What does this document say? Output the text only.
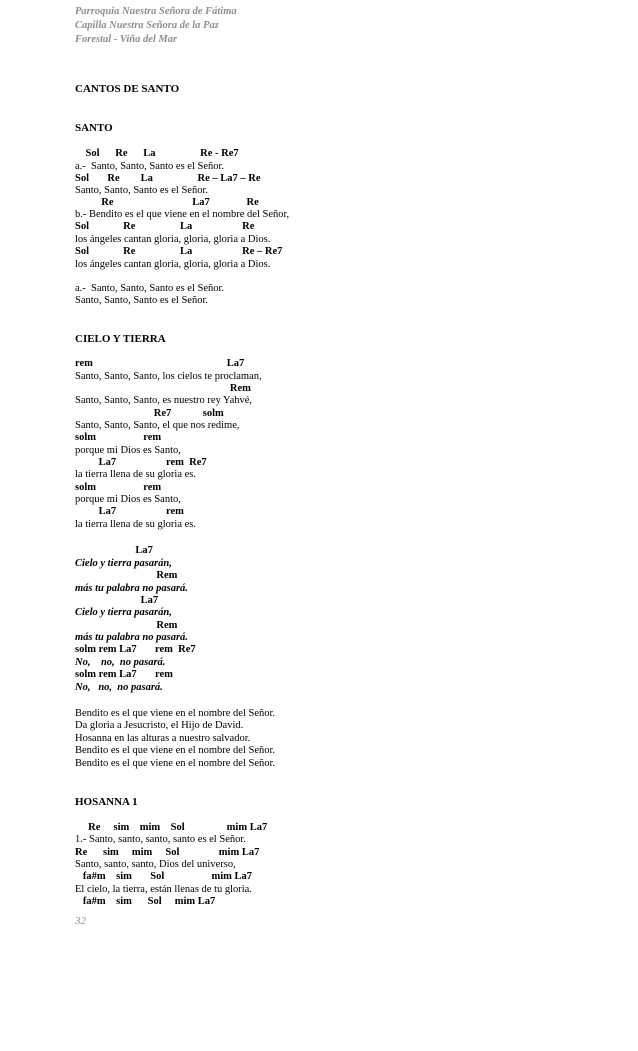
Parroquia Nuestra Señora de Fátima
Capilla Nuestra Señora de la Paz
Forestal - Viña del Mar
CANTOS DE SANTO
SANTO
Sol      Re      La                 Re - Re7
a.-  Santo, Santo, Santo es el Señor.
Sol       Re        La                 Re – La7 – Re
Santo, Santo, Santo es el Señor.
Re                              La7              Re
b.- Bendito es el que viene en el nombre del Señor,
Sol             Re                 La                   Re
los ángeles cantan gloria, gloria, gloria a Dios.
Sol             Re                 La                   Re – Re7
los ángeles cantan gloria, gloria, gloria a Dios.
a.-  Santo, Santo, Santo es el Señor.
Santo, Santo, Santo es el Señor.
CIELO Y TIERRA
rem                                                   La7
Santo, Santo, Santo, los cielos te proclaman,
Rem
Santo, Santo, Santo, es nuestro rey Yahvé,
Re7            solm
Santo, Santo, Santo, el que nos redime,
solm                  rem
porque mi Dios es Santo,
La7                   rem  Re7
la tierra llena de su gloria es.
solm                  rem
porque mi Dios es Santo,
La7                   rem
la tierra llena de su gloria es.
La7
Cielo y tierra pasarán,
Rem
más tu palabra no pasará.
La7
Cielo y tierra pasarán,
Rem
más tu palabra no pasará.
solm rem La7       rem  Re7
No,    no,  no pasará.
solm rem La7       rem
No,   no,  no pasará.
Bendito es el que viene en el nombre del Señor.
Da gloria a Jesucristo, el Hijo de David.
Hosanna en las alturas a nuestro salvador.
Bendito es el que viene en el nombre del Señor.
Bendito es el que viene en el nombre del Señor.
HOSANNA 1
Re     sim    mim    Sol                mim La7
1.- Santo, santo, santo, santo es el Señor.
Re      sim     mim     Sol               mim La7
Santo, santo, santo, Dios del universo,
fa#m    sim       Sol                  mim La7
El cielo, la tierra, están llenas de tu gloria.
fa#m    sim      Sol     mim La7
32
